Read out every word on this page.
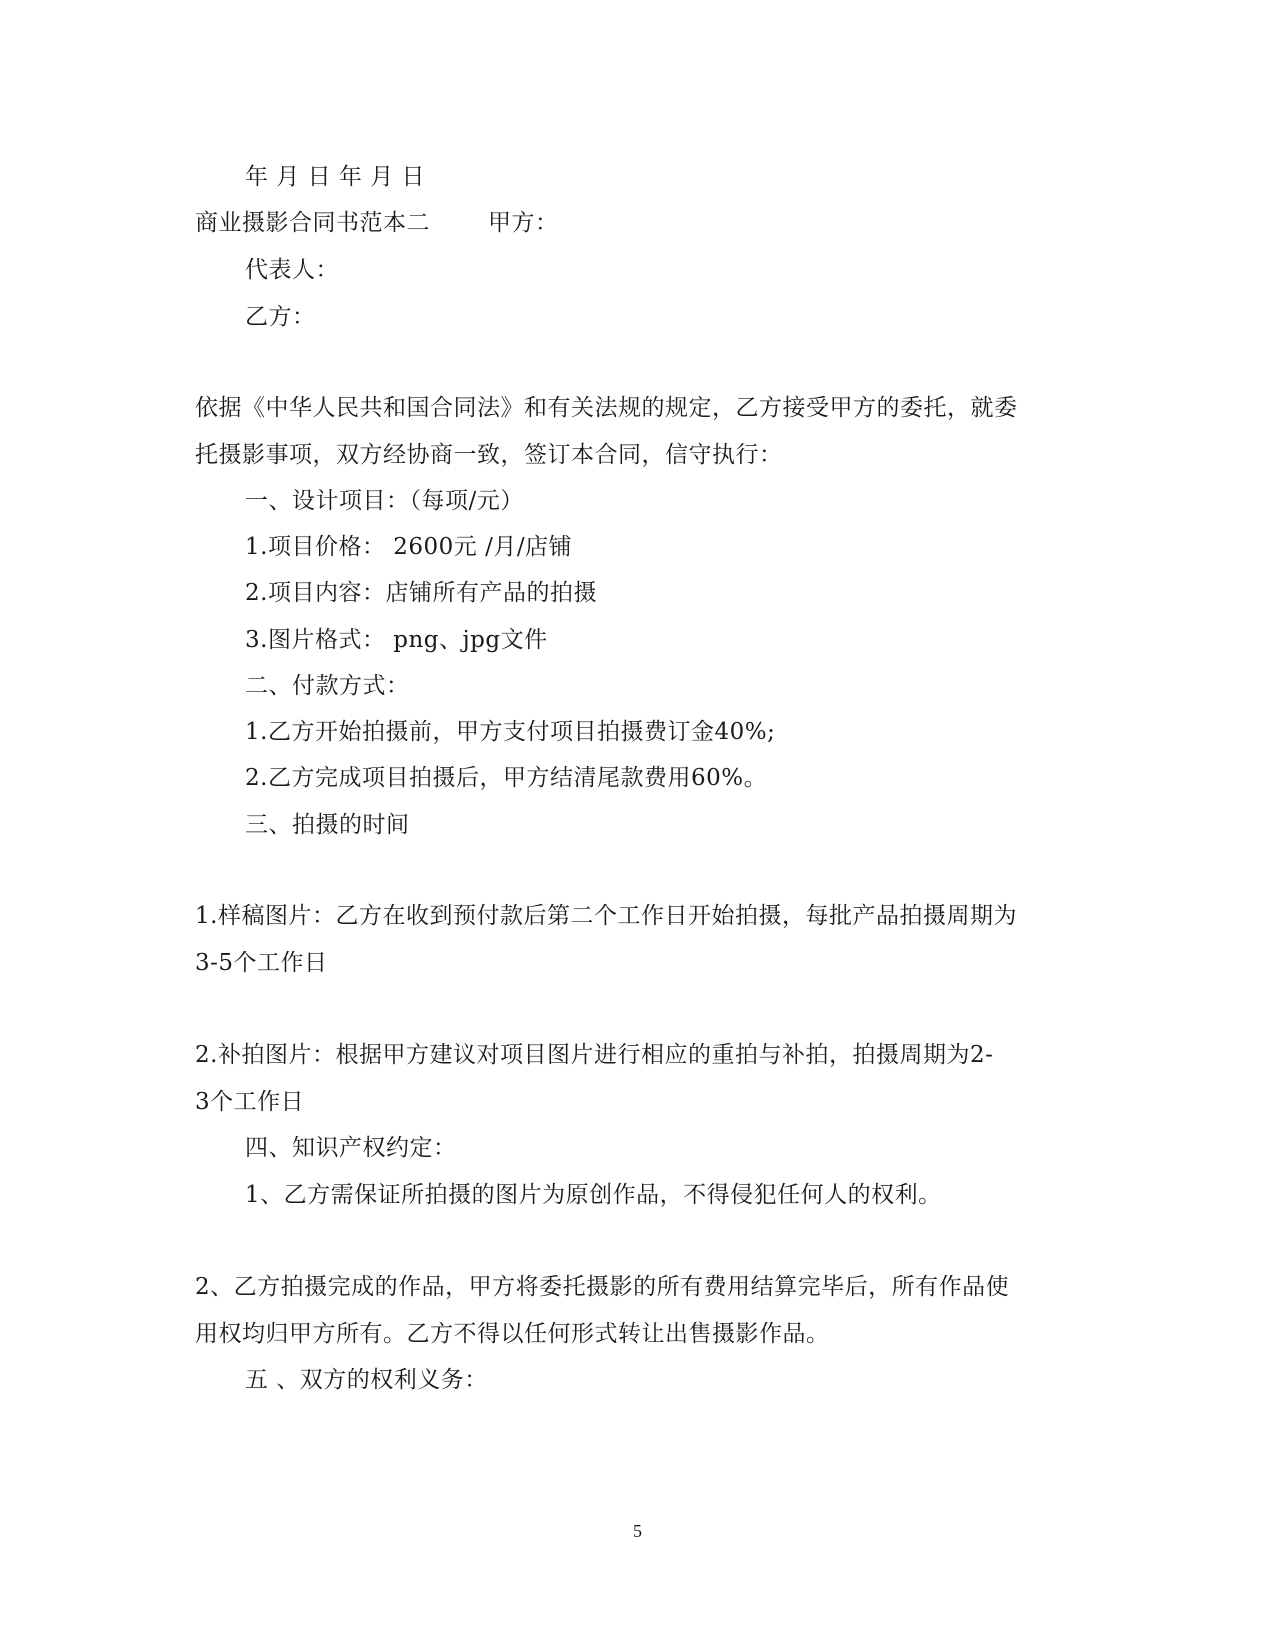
年 月 日 年 月 日
商业摄影合同书范本二	甲方：
代表人：
乙方：
依据《中华人民共和国合同法》和有关法规的规定，乙方接受甲方的委托，就委
托摄影事项，双方经协商一致，签订本合同，信守执行：
一、设计项目：（每项/元）
1.项目价格： 2600元 /月/店铺
2.项目内容：店铺所有产品的拍摄
3.图片格式： png、jpg文件
二、付款方式：
1.乙方开始拍摄前，甲方支付项目拍摄费订金40%;
2.乙方完成项目拍摄后，甲方结清尾款费用60%。
三、拍摄的时间
1.样稿图片：乙方在收到预付款后第二个工作日开始拍摄，每批产品拍摄周期为
3-5个工作日
2.补拍图片：根据甲方建议对项目图片进行相应的重拍与补拍，拍摄周期为2-
3个工作日
四、知识产权约定：
1、乙方需保证所拍摄的图片为原创作品，不得侵犯任何人的权利。
2、乙方拍摄完成的作品，甲方将委托摄影的所有费用结算完毕后，所有作品使
用权均归甲方所有。乙方不得以任何形式转让出售摄影作品。
五 、双方的权利义务：
5
